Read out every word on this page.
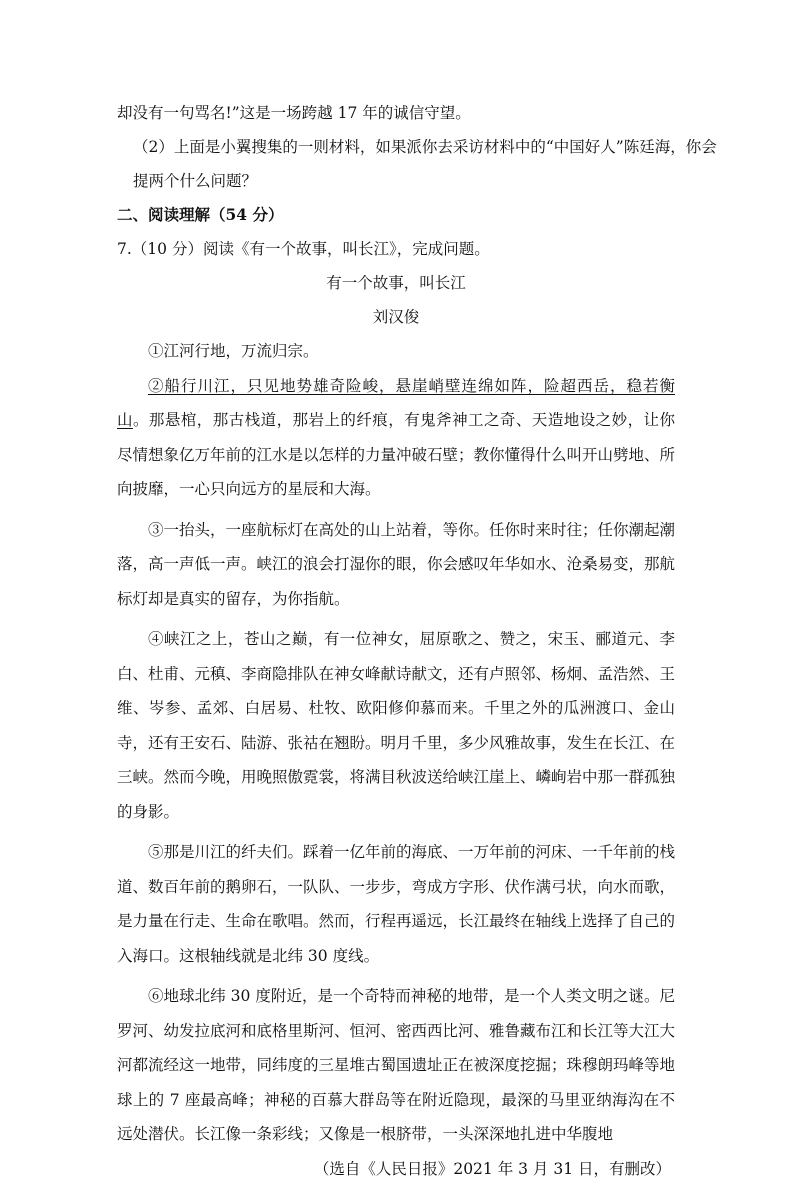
却没有一句骂名!”这是一场跨越 17 年的诚信守望。
（2）上面是小翼搜集的一则材料，如果派你去采访材料中的“中国好人”陈廷海，你会
提两个什么问题？
二、阅读理解（54 分）
7.（10 分）阅读《有一个故事，叫长江》，完成问题。
有一个故事，叫长江
刘汉俊
①江河行地，万流归宗。
②船行川江，只见地势雄奇险峻，悬崖峭壁连绵如阵，险超西岳，稳若衡山。那悬棺，那古栈道，那岩上的纤痕，有鬼斧神工之奇、天造地设之妙，让你尽情想象亿万年前的江水是以怎样的力量冲破石壁；教你懂得什么叫开山劈地、所向披靡，一心只向远方的星辰和大海。
③一抬头，一座航标灯在高处的山上站着，等你。任你时来时往；任你潮起潮落，高一声低一声。峡江的浪会打湿你的眼，你会感叹年华如水、沧桑易变，那航标灯却是真实的留存，为你指航。
④峡江之上，苍山之巅，有一位神女，屈原歌之、赞之，宋玉、郦道元、李白、杜甫、元稹、李商隐排队在神女峰献诗献文，还有卢照邻、杨炯、孟浩然、王维、岑参、孟郊、白居易、杜牧、欧阳修仰慕而来。千里之外的瓜洲渡口、金山寺，还有王安石、陆游、张祜在翘盼。明月千里，多少风雅故事，发生在长江、在三峡。然而今晚，用晚照傲霓裳，将满目秋波送给峡江崖上、嶙峋岩中那一群孤独的身影。
⑤那是川江的纤夫们。踩着一亿年前的海底、一万年前的河床、一千年前的栈道、数百年前的鹅卵石，一队队、一步步，弯成方字形、伏作满弓状，向水而歌，是力量在行走、生命在歌唱。然而，行程再遥远，长江最终在轴线上选择了自己的入海口。这根轴线就是北纬 30 度线。
⑥地球北纬 30 度附近，是一个奇特而神秘的地带，是一个人类文明之谜。尼罗河、幼发拉底河和底格里斯河、恒河、密西西比河、雅鲁藏布江和长江等大江大河都流经这一地带，同纬度的三星堆古蜀国遗址正在被深度挖掘；珠穆朗玛峰等地球上的 7 座最高峰；神秘的百慕大群岛等在附近隐现，最深的马里亚纳海沟在不远处潜伏。长江像一条彩线；又像是一根脐带，一头深深地扎进中华腹地
（选自《人民日报》2021 年 3 月 31 日，有删改）
